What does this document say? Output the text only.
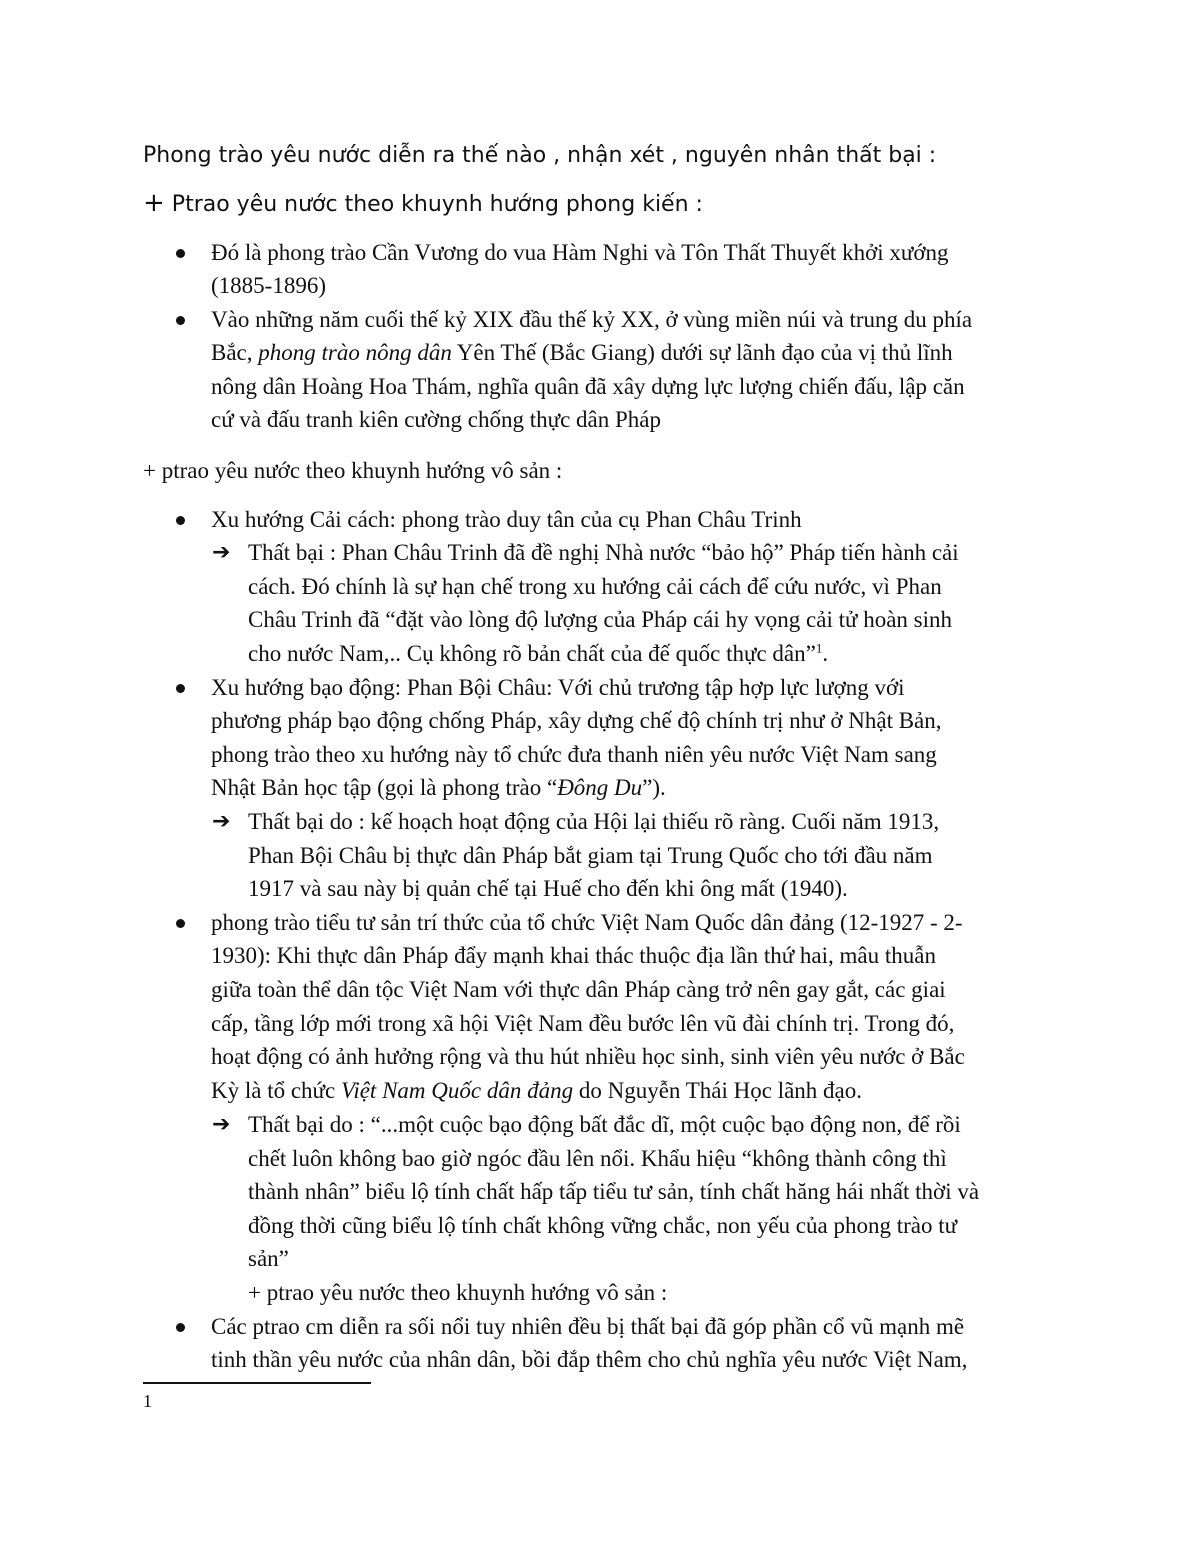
Phong trào yêu nước diễn ra thế nào , nhận xét , nguyên nhân thất bại :
+ Ptrao yêu nước theo khuynh hướng phong kiến :
Đó là phong trào Cần Vương do vua Hàm Nghi và Tôn Thất Thuyết khởi xướng
(1885-1896)
Vào những năm cuối thế kỷ XIX đầu thế kỷ XX, ở vùng miền núi và trung du phía
Bắc, phong trào nông dân Yên Thế (Bắc Giang) dưới sự lãnh đạo của vị thủ lĩnh
nông dân Hoàng Hoa Thám, nghĩa quân đã xây dựng lực lượng chiến đấu, lập căn
cứ và đấu tranh kiên cường chống thực dân Pháp
+ ptrao yêu nước theo khuynh hướng vô sản :
Xu hướng Cải cách: phong trào duy tân của cụ Phan Châu Trinh
➔ Thất bại : Phan Châu Trinh đã đề nghị Nhà nước “bảo hộ” Pháp tiến hành cải
cách. Đó chính là sự hạn chế trong xu hướng cải cách để cứu nước, vì Phan
Châu Trinh đã “đặt vào lòng độ lượng của Pháp cái hy vọng cải tử hoàn sinh
cho nước Nam,.. Cụ không rõ bản chất của đế quốc thực dân”$^1$.
Xu hướng bạo động: Phan Bội Châu: Với chủ trương tập hợp lực lượng với
phương pháp bạo động chống Pháp, xây dựng chế độ chính trị như ở Nhật Bản,
phong trào theo xu hướng này tổ chức đưa thanh niên yêu nước Việt Nam sang
Nhật Bản học tập (gọi là phong trào “Đông Du”).
➔ Thất bại do : kế hoạch hoạt động của Hội lại thiếu rõ ràng. Cuối năm 1913,
Phan Bội Châu bị thực dân Pháp bắt giam tại Trung Quốc cho tới đầu năm
1917 và sau này bị quản chế tại Huế cho đến khi ông mất (1940).
phong trào tiểu tư sản trí thức của tổ chức Việt Nam Quốc dân đảng (12-1927 - 2-
1930): Khi thực dân Pháp đẩy mạnh khai thác thuộc địa lần thứ hai, mâu thuẫn
giữa toàn thể dân tộc Việt Nam với thực dân Pháp càng trở nên gay gắt, các giai
cấp, tầng lớp mới trong xã hội Việt Nam đều bước lên vũ đài chính trị. Trong đó,
hoạt động có ảnh hưởng rộng và thu hút nhiều học sinh, sinh viên yêu nước ở Bắc
Kỳ là tổ chức Việt Nam Quốc dân đảng do Nguyễn Thái Học lãnh đạo.
➔ Thất bại do : “...một cuộc bạo động bất đắc dĩ, một cuộc bạo động non, để rồi
chết luôn không bao giờ ngóc đầu lên nổi. Khẩu hiệu “không thành công thì
thành nhân” biểu lộ tính chất hấp tấp tiểu tư sản, tính chất hăng hái nhất thời và
đồng thời cũng biểu lộ tính chất không vững chắc, non yếu của phong trào tư
sản”
+ ptrao yêu nước theo khuynh hướng vô sản :
Các ptrao cm diễn ra sối nổi tuy nhiên đều bị thất bại đã góp phần cổ vũ mạnh mẽ
tinh thần yêu nước của nhân dân, bồi đắp thêm cho chủ nghĩa yêu nước Việt Nam,
1
